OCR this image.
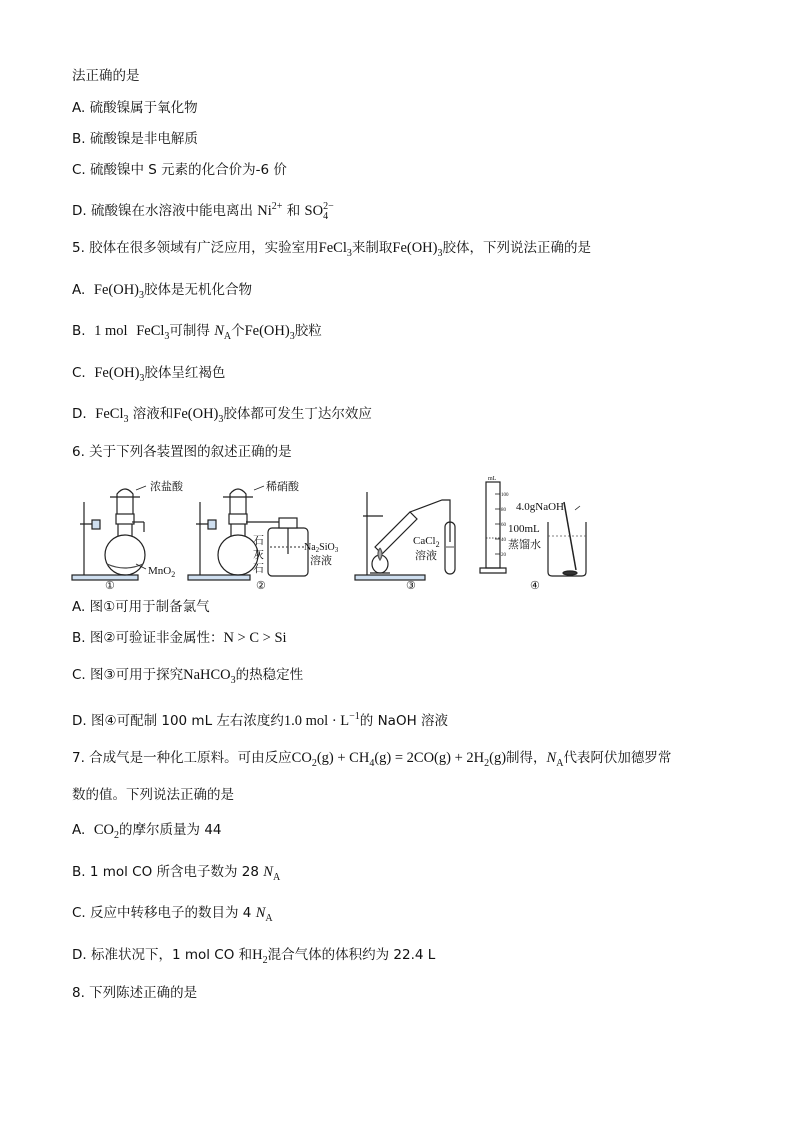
法正确的是
A. 硫酸镍属于氧化物
B. 硫酸镍是非电解质
C. 硫酸镍中 S 元素的化合价为-6 价
D. 硫酸镍在水溶液中能电离出 $Ni^{2+}$ 和 SO 2−
4
5. 胶体在很多领域有广泛应用，实验室用FeCl$_3$来制取$Fe(OH)_3$胶体，下列说法正确的是
A. $Fe(OH)_3$胶体是无机化合物
B. 1 mol FeCl$_3$可制得 $N_A$个$Fe(OH)_3$胶粒
C. $Fe(OH)_3$胶体呈红褐色
D. FeCl$_3$ 溶液和$Fe(OH)_3$胶体都可发生丁达尔效应
6. 关于下列各装置图的叙述正确的是
浓盐酸
MnO$_2$
①
稀硝酸
石
灰
石
$Na_2SiO_3$
溶液
②
CaCl$_2$
溶液
③
mL
100
80
60
40
20
4.0gNaOH
100mL
蒸馏水
④
A. 图①可用于制备氯气
B. 图②可验证非金属性：N > C > Si
C. 图③可用于探究NaHCO$_3$的热稳定性
D. 图④可配制 100 mL 左右浓度约1.0 mol · $L^{-1}$的 NaOH 溶液
7. 合成气是一种化工原料。可由反应$CO_2(g) + CH_4(g) = 2CO(g) + 2H_2(g)$制得，$N_A$代表阿伏加德罗常
数的值。下列说法正确的是
A. $CO_2$的摩尔质量为 44
B. 1 mol CO 所含电子数为 28 $N_A$
C. 反应中转移电子的数目为 4 $N_A$
D. 标准状况下，1 mol CO 和$H_2$混合气体的体积约为 22.4 L
8. 下列陈述正确的是
